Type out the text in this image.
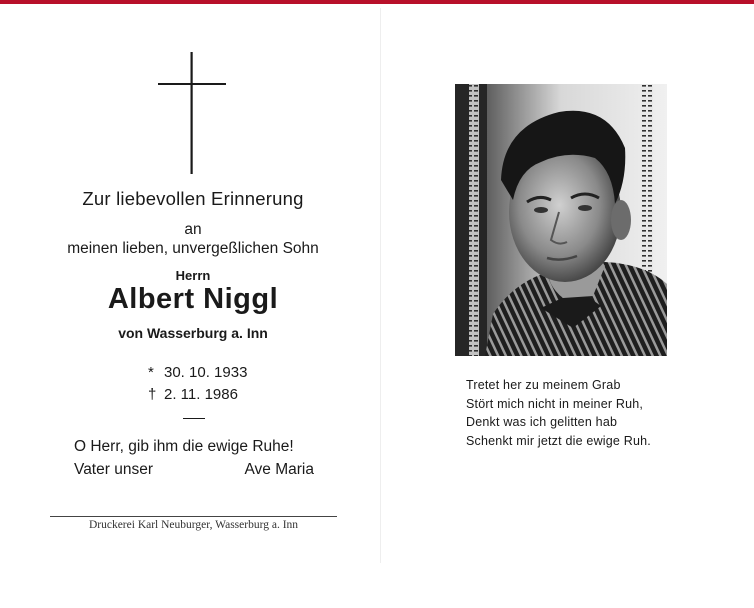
Zur liebevollen Erinnerung
an
meinen lieben, unvergeßlichen Sohn
Herrn
Albert Niggl
von Wasserburg a. Inn
* 30. 10. 1933
† 2. 11. 1986
O Herr, gib ihm die ewige Ruhe!
Vater unser	Ave Maria
Druckerei Karl Neuburger, Wasserburg a. Inn
Tretet her zu meinem Grab
Stört mich nicht in meiner Ruh,
Denkt was ich gelitten hab
Schenkt mir jetzt die ewige Ruh.
